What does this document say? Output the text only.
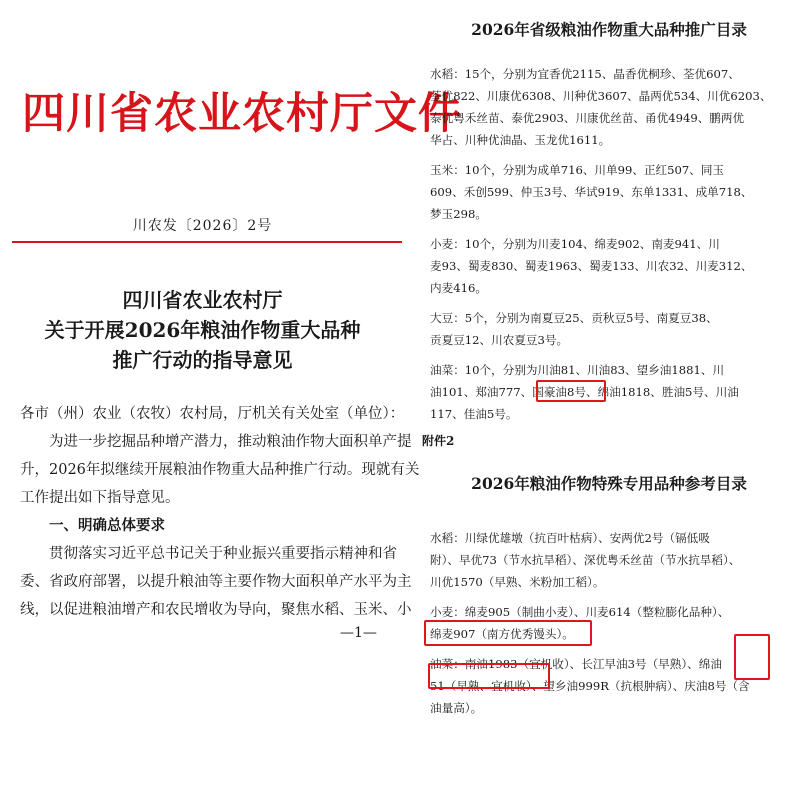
四川省农业农村厅文件
川农发〔2026〕2号
四川省农业农村厅
关于开展2026年粮油作物重大品种
推广行动的指导意见
各市（州）农业（农牧）农村局，厅机关有关处室（单位）：
　　为进一步挖掘品种增产潜力，推动粮油作物大面积单产提
升，2026年拟继续开展粮油作物重大品种推广行动。现就有关
工作提出如下指导意见。
　　一、明确总体要求
　　贯彻落实习近平总书记关于种业振兴重要指示精神和省
委、省政府部署，以提升粮油等主要作物大面积单产水平为主
线，以促进粮油增产和农民增收为导向，聚焦水稻、玉米、小
—1—
2026年省级粮油作物重大品种推广目录
水稻：15个，分别为宜香优2115、晶香优桐珍、荃优607、
荃优822、川康优6308、川种优3607、晶两优534、川优6203、
泰优粤禾丝苗、泰优2903、川康优丝苗、甬优4949、鹏两优
华占、川种优油晶、玉龙优1611。
玉米：10个，分别为成单716、川单99、正红507、同玉
609、禾创599、仲玉3号、华试919、东单1331、成单718、
梦玉298。
小麦：10个，分别为川麦104、绵麦902、南麦941、川
麦93、蜀麦830、蜀麦1963、蜀麦133、川农32、川麦312、
内麦416。
大豆：5个，分别为南夏豆25、贡秋豆5号、南夏豆38、
贡夏豆12、川农夏豆3号。
油菜：10个，分别为川油81、川油83、望乡油1881、川
油101、郑油777、国豪油8号、绵油1818、胜油5号、川油
117、佳油5号。
附件2
2026年粮油作物特殊专用品种参考目录
水稻：川绿优雄墩（抗百叶枯病）、安两优2号（镉低吸
附）、早优73（节水抗旱稻）、深优粤禾丝苗（节水抗旱稻）、
川优1570（早熟、米粉加工稻）。
小麦：绵麦905（制曲小麦）、川麦614（整粒膨化品种）、
绵麦907（南方优秀馒头）。
油菜：南油1983（宜机收）、长江早油3号（早熟）、绵油
51（早熟、宜机收）、望乡油999R（抗根肿病）、庆油8号（含
油量高）。
